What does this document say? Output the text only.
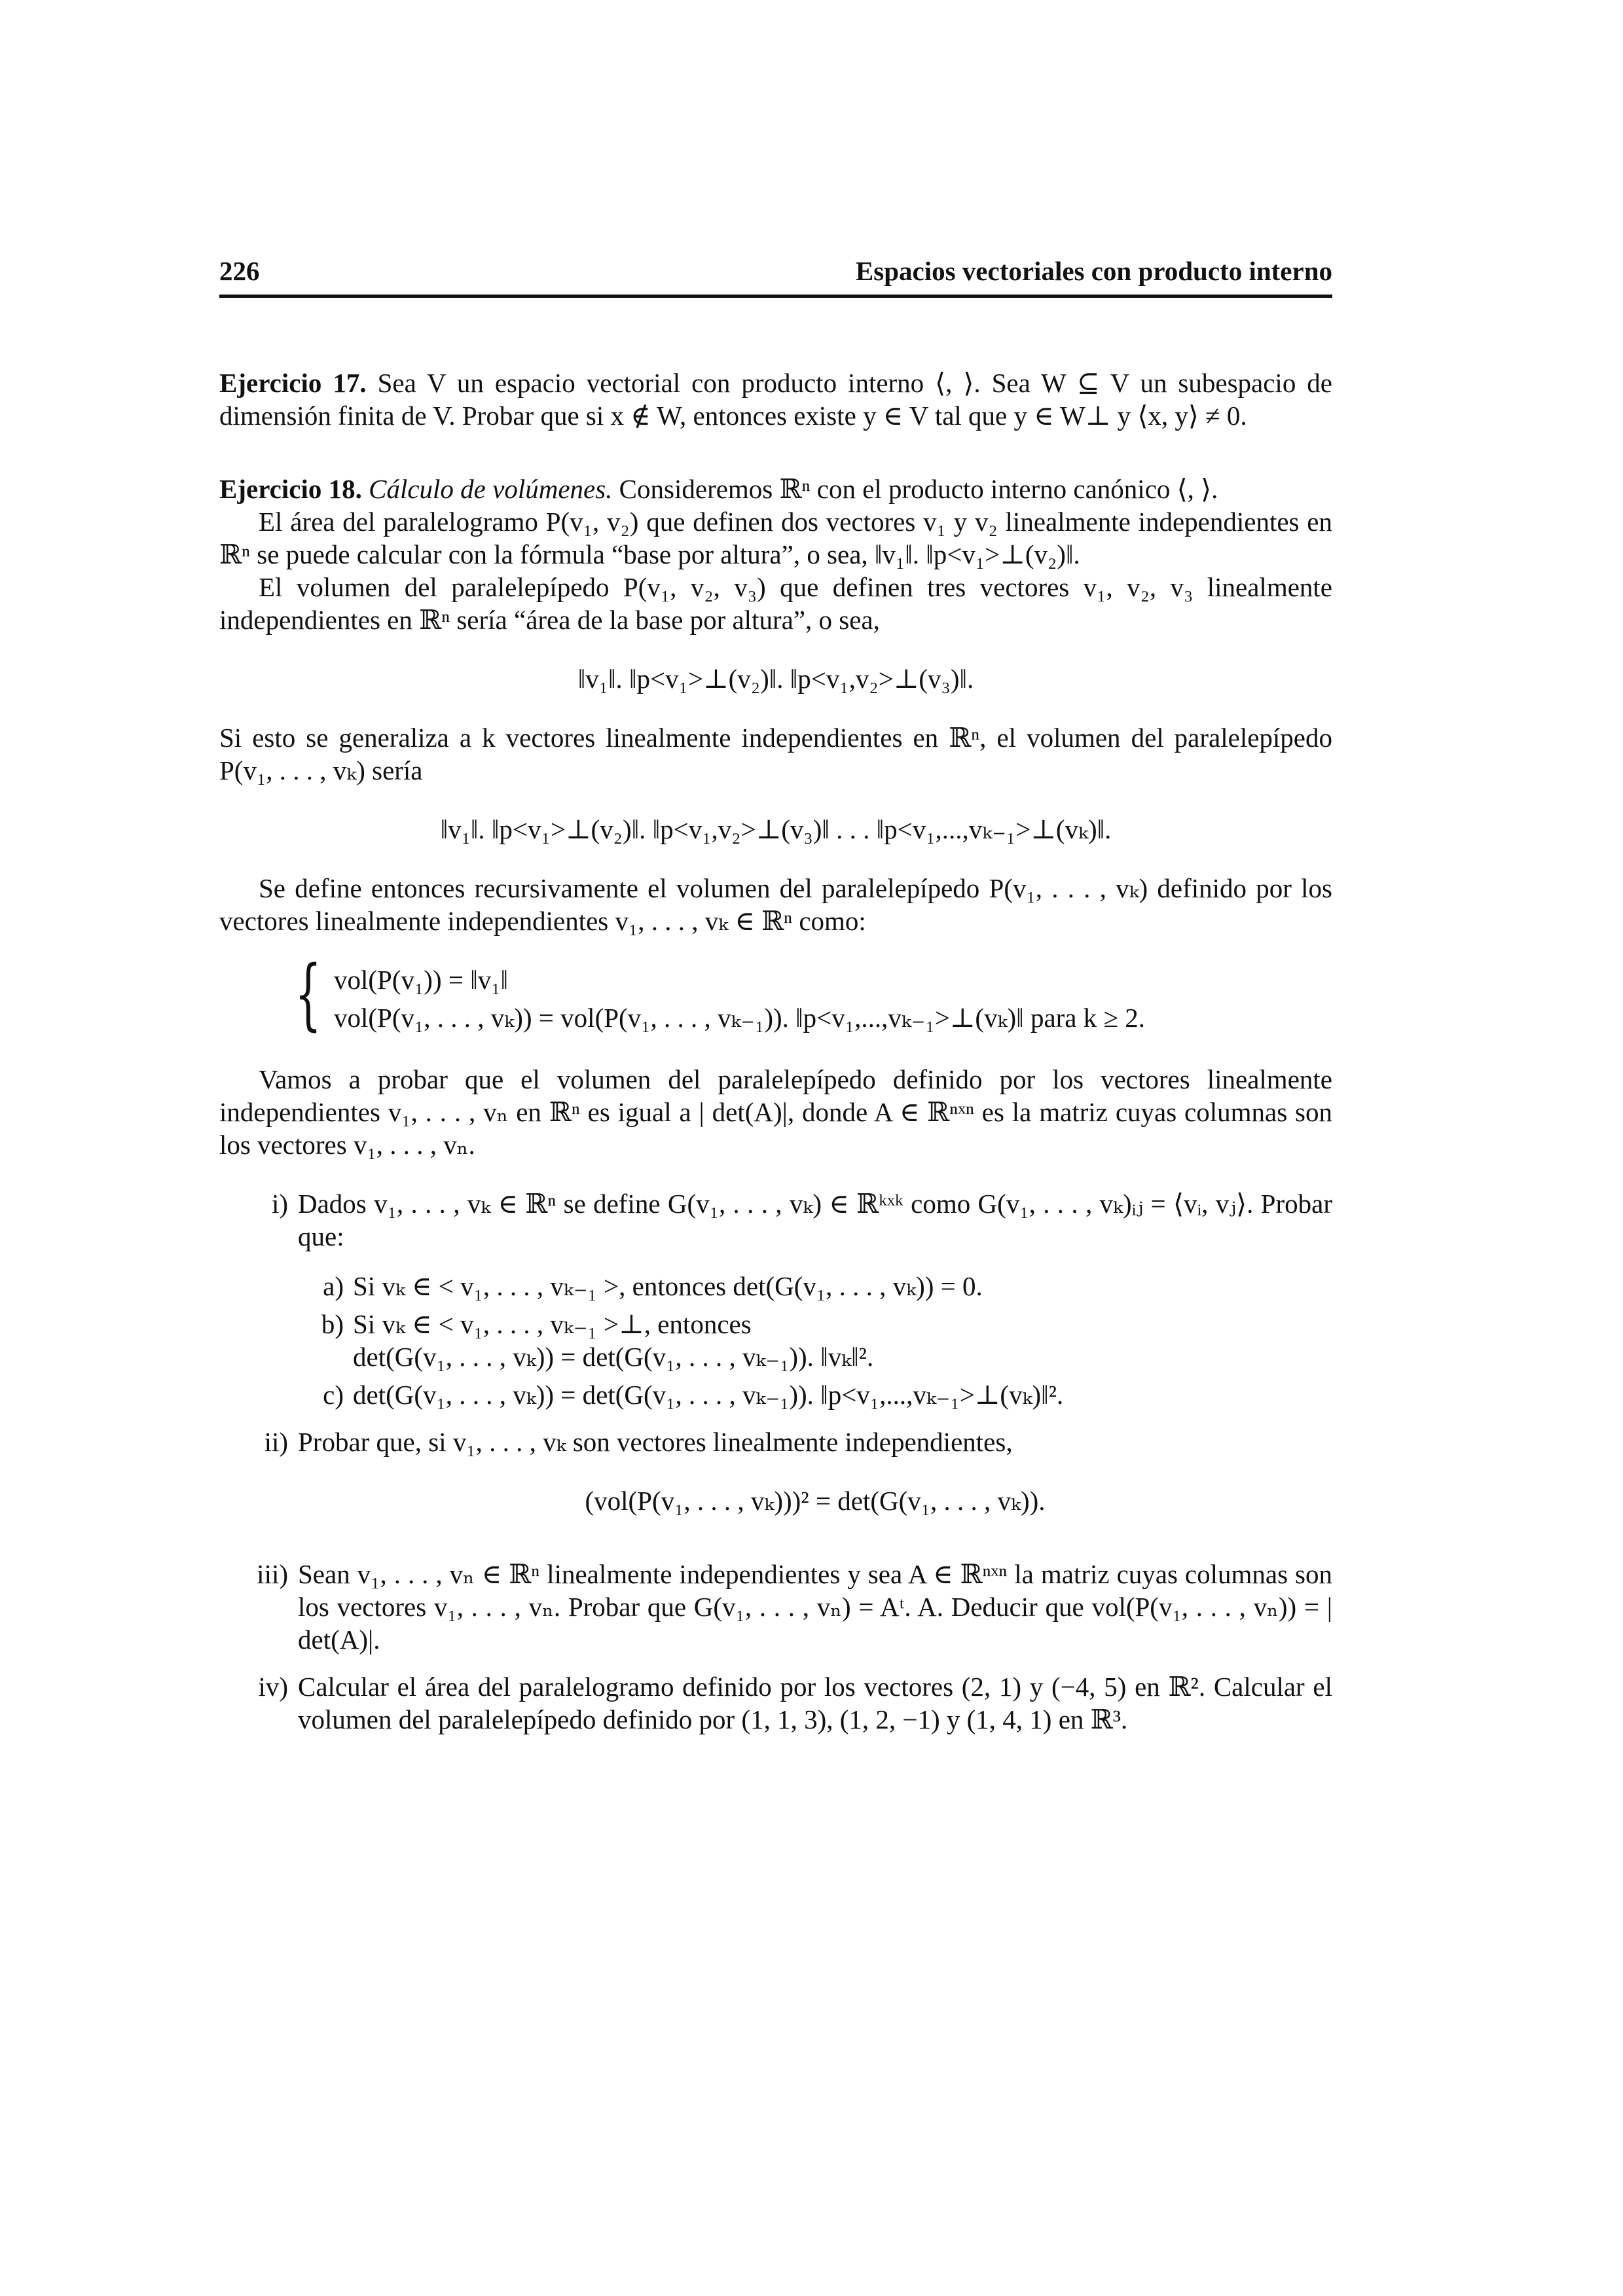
226	Espacios vectoriales con producto interno

Ejercicio 17. Sea V un espacio vectorial con producto interno ⟨, ⟩. Sea W ⊆ V un subespacio de dimensión finita de V. Probar que si x ∉ W, entonces existe y ∈ V tal que y ∈ W⊥ y ⟨x, y⟩ ≠ 0.

Ejercicio 18. Cálculo de volúmenes. Consideremos ℝⁿ con el producto interno canónico ⟨, ⟩.

El área del paralelogramo P(v₁, v₂) que definen dos vectores v₁ y v₂ linealmente independientes en ℝⁿ se puede calcular con la fórmula “base por altura”, o sea, ‖v₁‖. ‖p<v₁>⊥(v₂)‖.

El volumen del paralelepípedo P(v₁, v₂, v₃) que definen tres vectores v₁, v₂, v₃ linealmente independientes en ℝⁿ sería “área de la base por altura”, o sea,

‖v₁‖. ‖p<v₁>⊥(v₂)‖. ‖p<v₁,v₂>⊥(v₃)‖.

Si esto se generaliza a k vectores linealmente independientes en ℝⁿ, el volumen del paralelepípedo P(v₁, . . . , vₖ) sería

‖v₁‖. ‖p<v₁>⊥(v₂)‖. ‖p<v₁,v₂>⊥(v₃)‖ . . . ‖p<v₁,...,vₖ₋₁>⊥(vₖ)‖.

Se define entonces recursivamente el volumen del paralelepípedo P(v₁, . . . , vₖ) definido por los vectores linealmente independientes v₁, . . . , vₖ ∈ ℝⁿ como:

{ vol(P(v₁)) = ‖v₁‖
vol(P(v₁, . . . , vₖ)) = vol(P(v₁, . . . , vₖ₋₁)). ‖p<v₁,...,vₖ₋₁>⊥(vₖ)‖ para k ≥ 2.

Vamos a probar que el volumen del paralelepípedo definido por los vectores linealmente independientes v₁, . . . , vₙ en ℝⁿ es igual a | det(A)|, donde A ∈ ℝⁿˣⁿ es la matriz cuyas columnas son los vectores v₁, . . . , vₙ.

i) Dados v₁, . . . , vₖ ∈ ℝⁿ se define G(v₁, . . . , vₖ) ∈ ℝᵏˣᵏ como G(v₁, . . . , vₖ)ᵢⱼ = ⟨vᵢ, vⱼ⟩. Probar que:
a) Si vₖ ∈ < v₁, . . . , vₖ₋₁ >, entonces det(G(v₁, . . . , vₖ)) = 0.
b) Si vₖ ∈ < v₁, . . . , vₖ₋₁ >⊥, entonces
det(G(v₁, . . . , vₖ)) = det(G(v₁, . . . , vₖ₋₁)). ‖vₖ‖².
c) det(G(v₁, . . . , vₖ)) = det(G(v₁, . . . , vₖ₋₁)). ‖p<v₁,...,vₖ₋₁>⊥(vₖ)‖².
ii) Probar que, si v₁, . . . , vₖ son vectores linealmente independientes,
(vol(P(v₁, . . . , vₖ)))² = det(G(v₁, . . . , vₖ)).
iii) Sean v₁, . . . , vₙ ∈ ℝⁿ linealmente independientes y sea A ∈ ℝⁿˣⁿ la matriz cuyas columnas son los vectores v₁, . . . , vₙ. Probar que G(v₁, . . . , vₙ) = Aᵗ. A. Deducir que vol(P(v₁, . . . , vₙ)) = | det(A)|.
iv) Calcular el área del paralelogramo definido por los vectores (2, 1) y (−4, 5) en ℝ². Calcular el volumen del paralelepípedo definido por (1, 1, 3), (1, 2, −1) y (1, 4, 1) en ℝ³.
